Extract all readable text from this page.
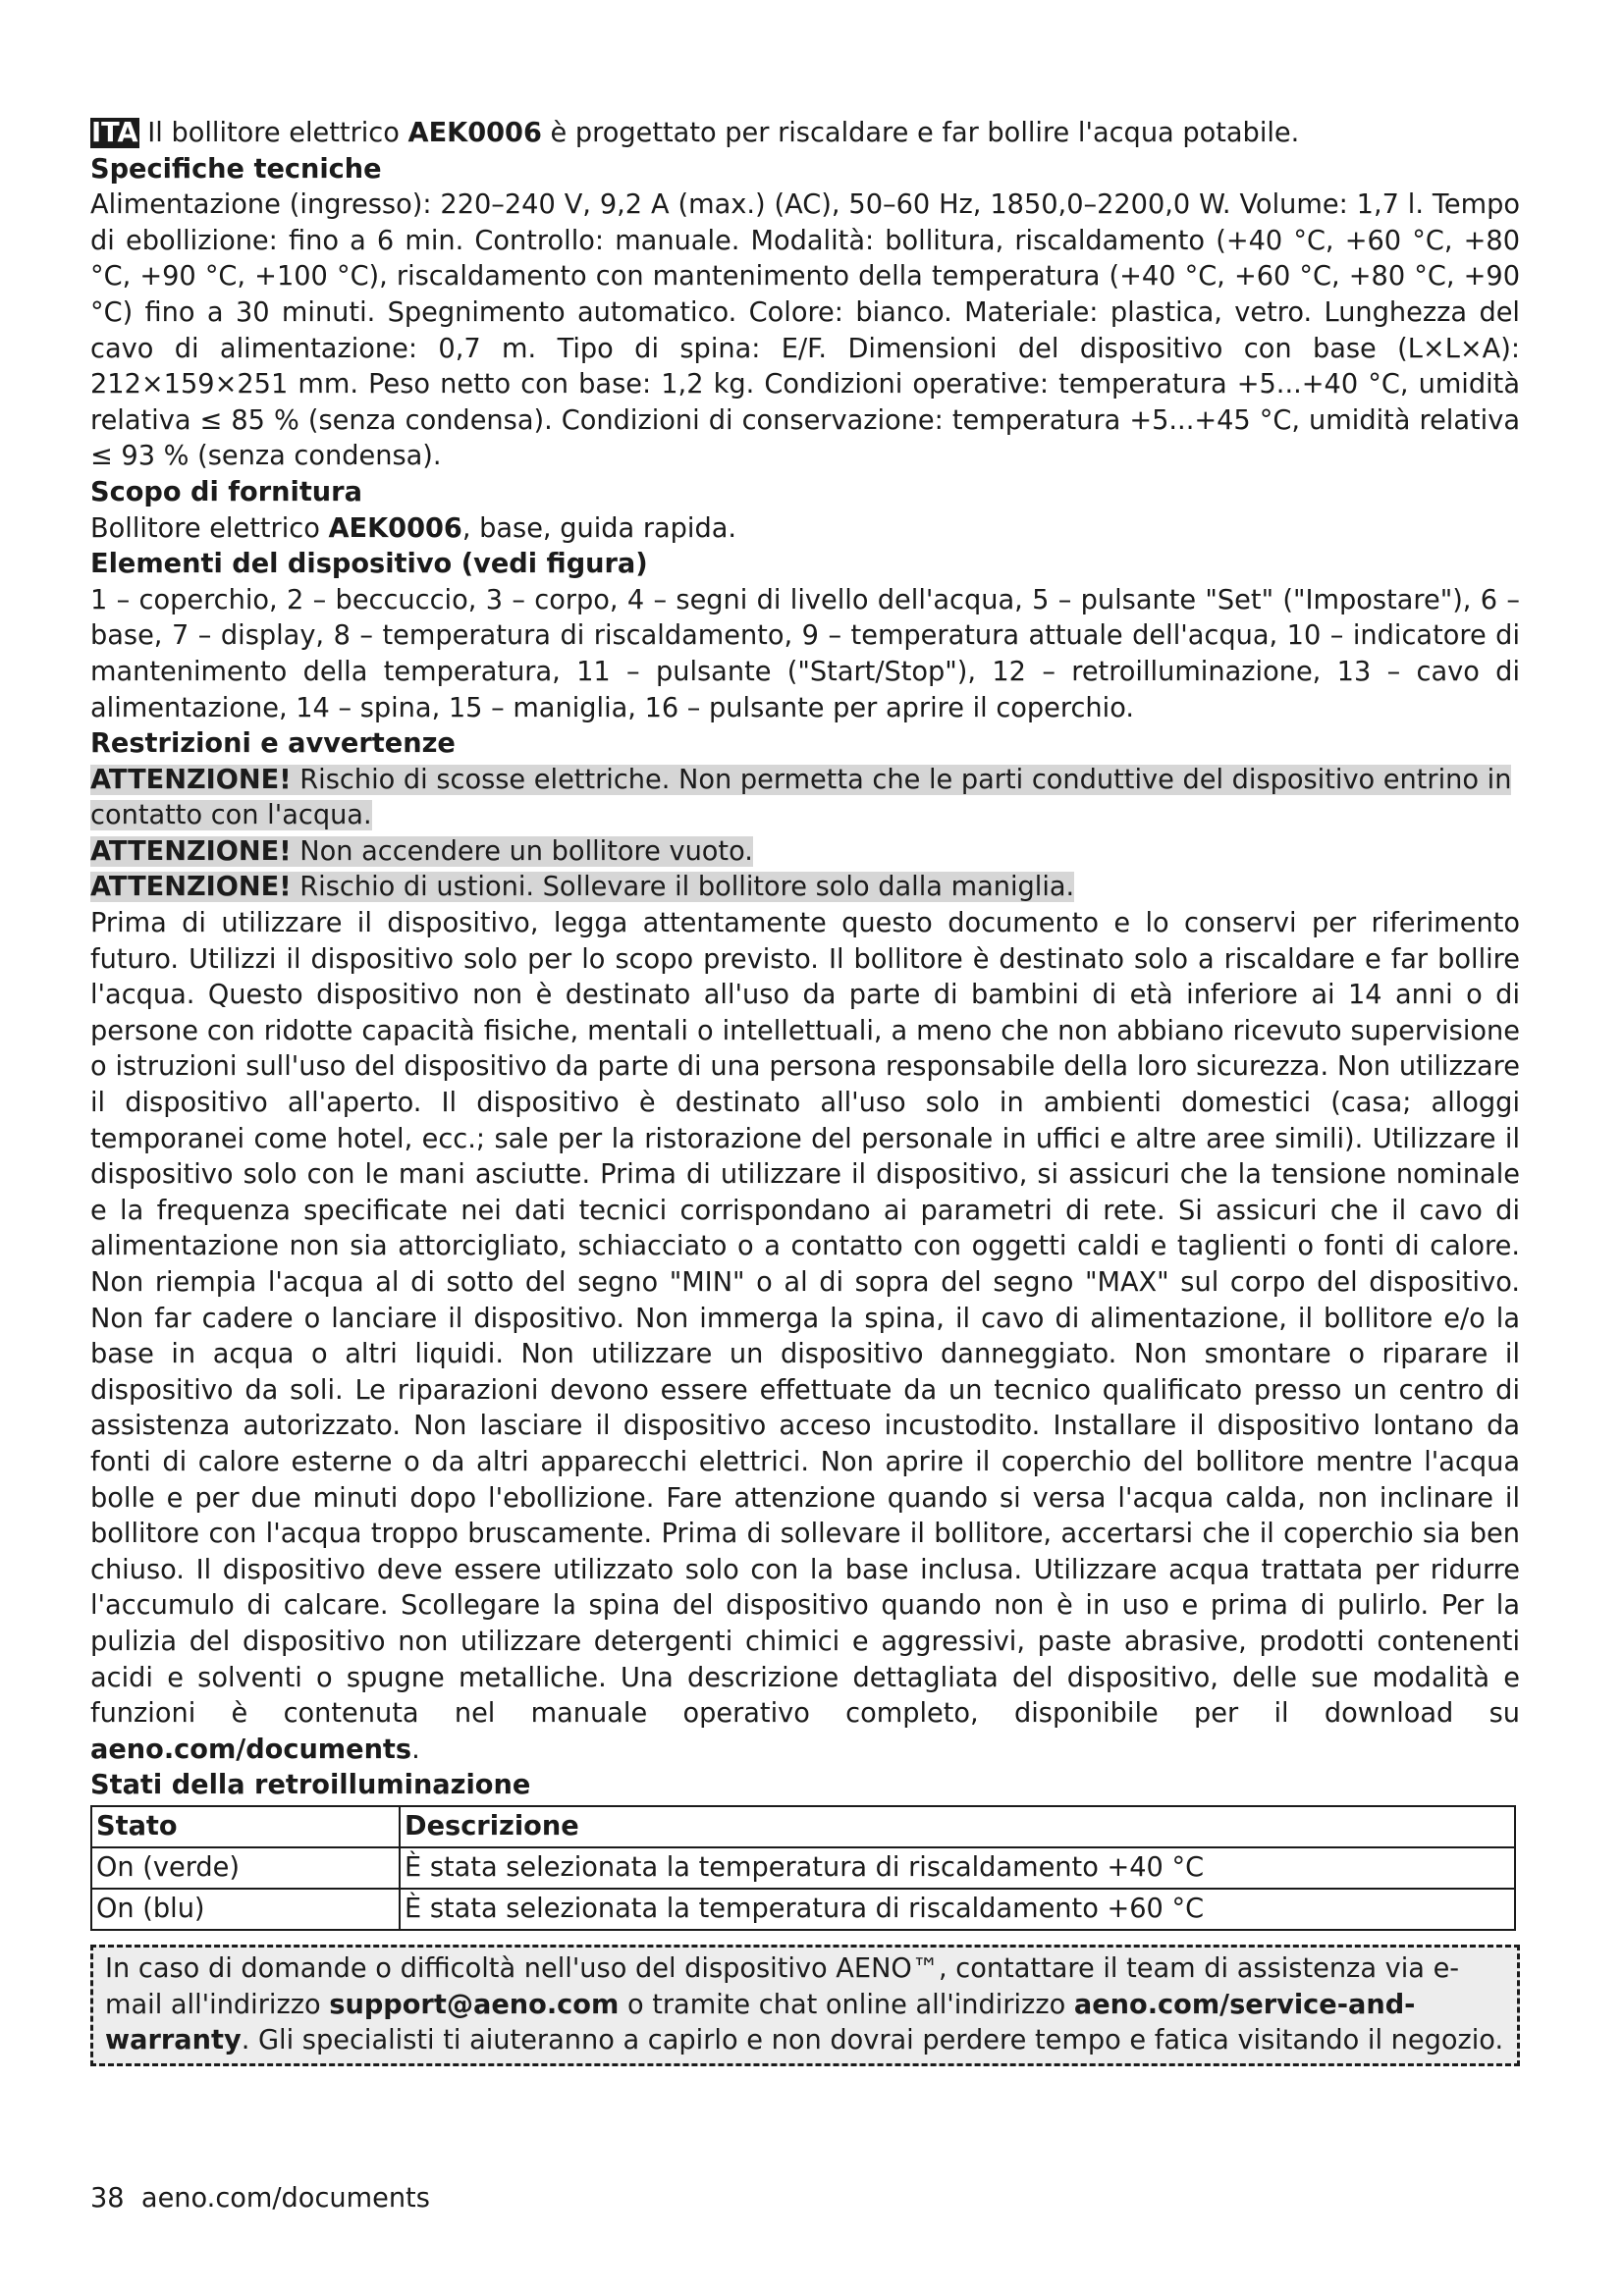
ITA Il bollitore elettrico AEK0006 è progettato per riscaldare e far bollire l'acqua potabile.

Specifiche tecniche

Alimentazione (ingresso): 220–240 V, 9,2 A (max.) (AC), 50–60 Hz, 1850,0–2200,0 W. Volume: 1,7 l. Tempo di ebollizione: fino a 6 min. Controllo: manuale. Modalità: bollitura, riscaldamento (+40 °C, +60 °C, +80 °C, +90 °C, +100 °C), riscaldamento con mantenimento della temperatura (+40 °C, +60 °C, +80 °C, +90 °C) fino a 30 minuti. Spegnimento automatico. Colore: bianco. Materiale: plastica, vetro. Lunghezza del cavo di alimentazione: 0,7 m. Tipo di spina: E/F. Dimensioni del dispositivo con base (L×L×A): 212×159×251 mm. Peso netto con base: 1,2 kg. Condizioni operative: temperatura +5...+40 °C, umidità relativa ≤ 85 % (senza condensa). Condizioni di conservazione: temperatura +5...+45 °C, umidità relativa ≤ 93 % (senza condensa).

Scopo di fornitura

Bollitore elettrico AEK0006, base, guida rapida.

Elementi del dispositivo (vedi figura)

1 – coperchio, 2 – beccuccio, 3 – corpo, 4 – segni di livello dell'acqua, 5 – pulsante "Set" ("Impostare"), 6 – base, 7 – display, 8 – temperatura di riscaldamento, 9 – temperatura attuale dell'acqua, 10 – indicatore di mantenimento della temperatura, 11 – pulsante ("Start/Stop"), 12 – retroilluminazione, 13 – cavo di alimentazione, 14 – spina, 15 – maniglia, 16 – pulsante per aprire il coperchio.

Restrizioni e avvertenze

ATTENZIONE! Rischio di scosse elettriche. Non permetta che le parti conduttive del dispositivo entrino in contatto con l'acqua.

ATTENZIONE! Non accendere un bollitore vuoto.

ATTENZIONE! Rischio di ustioni. Sollevare il bollitore solo dalla maniglia.

Prima di utilizzare il dispositivo, legga attentamente questo documento e lo conservi per riferimento futuro. Utilizzi il dispositivo solo per lo scopo previsto. Il bollitore è destinato solo a riscaldare e far bollire l'acqua. Questo dispositivo non è destinato all'uso da parte di bambini di età inferiore ai 14 anni o di persone con ridotte capacità fisiche, mentali o intellettuali, a meno che non abbiano ricevuto supervisione o istruzioni sull'uso del dispositivo da parte di una persona responsabile della loro sicurezza. Non utilizzare il dispositivo all'aperto. Il dispositivo è destinato all'uso solo in ambienti domestici (casa; alloggi temporanei come hotel, ecc.; sale per la ristorazione del personale in uffici e altre aree simili). Utilizzare il dispositivo solo con le mani asciutte. Prima di utilizzare il dispositivo, si assicuri che la tensione nominale e la frequenza specificate nei dati tecnici corrispondano ai parametri di rete. Si assicuri che il cavo di alimentazione non sia attorcigliato, schiacciato o a contatto con oggetti caldi e taglienti o fonti di calore. Non riempia l'acqua al di sotto del segno "MIN" o al di sopra del segno "MAX" sul corpo del dispositivo. Non far cadere o lanciare il dispositivo. Non immerga la spina, il cavo di alimentazione, il bollitore e/o la base in acqua o altri liquidi. Non utilizzare un dispositivo danneggiato. Non smontare o riparare il dispositivo da soli. Le riparazioni devono essere effettuate da un tecnico qualificato presso un centro di assistenza autorizzato. Non lasciare il dispositivo acceso incustodito. Installare il dispositivo lontano da fonti di calore esterne o da altri apparecchi elettrici. Non aprire il coperchio del bollitore mentre l'acqua bolle e per due minuti dopo l'ebollizione. Fare attenzione quando si versa l'acqua calda, non inclinare il bollitore con l'acqua troppo bruscamente. Prima di sollevare il bollitore, accertarsi che il coperchio sia ben chiuso. Il dispositivo deve essere utilizzato solo con la base inclusa. Utilizzare acqua trattata per ridurre l'accumulo di calcare. Scollegare la spina del dispositivo quando non è in uso e prima di pulirlo. Per la pulizia del dispositivo non utilizzare detergenti chimici e aggressivi, paste abrasive, prodotti contenenti acidi e solventi o spugne metalliche. Una descrizione dettagliata del dispositivo, delle sue modalità e funzioni è contenuta nel manuale operativo completo, disponibile per il download su aeno.com/documents.

Stati della retroilluminazione

Stato	Descrizione
On (verde)	È stata selezionata la temperatura di riscaldamento +40 °C
On (blu)	È stata selezionata la temperatura di riscaldamento +60 °C
In caso di domande o difficoltà nell'uso del dispositivo AENO™, contattare il team di assistenza via e-mail all'indirizzo support@aeno.com o tramite chat online all'indirizzo aeno.com/service-and-warranty. Gli specialisti ti aiuteranno a capirlo e non dovrai perdere tempo e fatica visitando il negozio.
38 aeno.com/documents
